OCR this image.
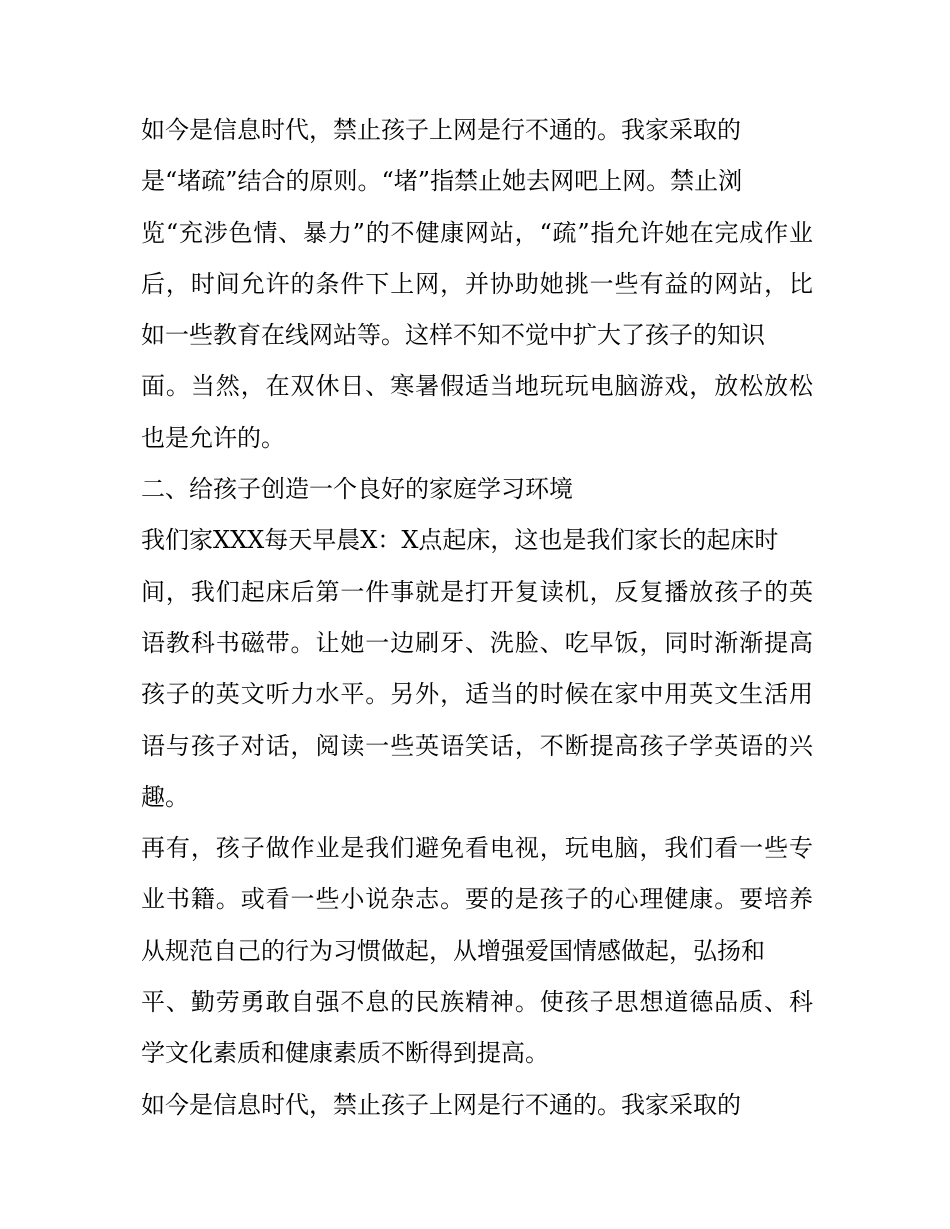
如今是信息时代，禁止孩子上网是行不通的。我家采取的
是“堵疏”结合的原则。“堵”指禁止她去网吧上网。禁止浏
览“充涉色情、暴力”的不健康网站，“疏”指允许她在完成作业
后，时间允许的条件下上网，并协助她挑一些有益的网站，比
如一些教育在线网站等。这样不知不觉中扩大了孩子的知识
面。当然，在双休日、寒暑假适当地玩玩电脑游戏，放松放松
也是允许的。
二、给孩子创造一个良好的家庭学习环境
我们家XXX每天早晨X：X点起床，这也是我们家长的起床时
间，我们起床后第一件事就是打开复读机，反复播放孩子的英
语教科书磁带。让她一边刷牙、洗脸、吃早饭，同时渐渐提高
孩子的英文听力水平。另外，适当的时候在家中用英文生活用
语与孩子对话，阅读一些英语笑话，不断提高孩子学英语的兴
趣。
再有，孩子做作业是我们避免看电视，玩电脑，我们看一些专
业书籍。或看一些小说杂志。要的是孩子的心理健康。要培养
从规范自己的行为习惯做起，从增强爱国情感做起，弘扬和
平、勤劳勇敢自强不息的民族精神。使孩子思想道德品质、科
学文化素质和健康素质不断得到提高。
如今是信息时代，禁止孩子上网是行不通的。我家采取的
